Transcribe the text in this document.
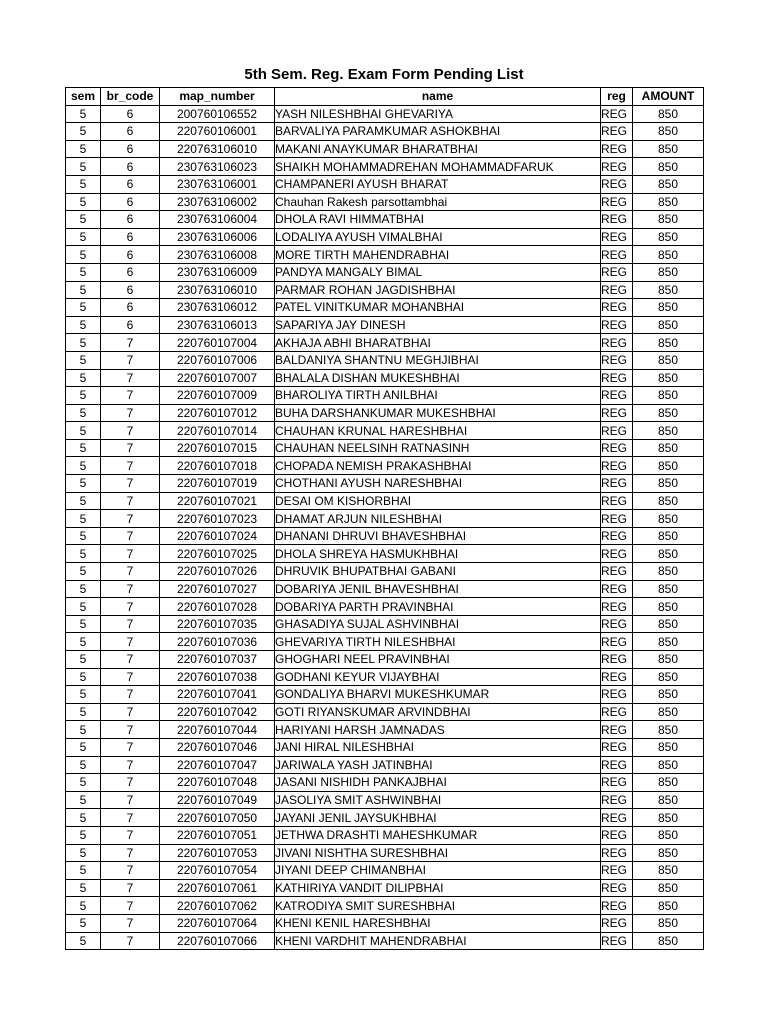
5th Sem. Reg. Exam Form Pending List
sem	br_code	map_number	name	reg	AMOUNT
5	6	200760106552	YASH NILESHBHAI GHEVARIYA	REG	850
5	6	220760106001	BARVALIYA PARAMKUMAR ASHOKBHAI	REG	850
5	6	220763106010	MAKANI ANAYKUMAR BHARATBHAI	REG	850
5	6	230763106023	SHAIKH MOHAMMADREHAN MOHAMMADFARUK	REG	850
5	6	230763106001	CHAMPANERI AYUSH BHARAT	REG	850
5	6	230763106002	Chauhan Rakesh parsottambhai	REG	850
5	6	230763106004	DHOLA RAVI HIMMATBHAI	REG	850
5	6	230763106006	LODALIYA AYUSH VIMALBHAI	REG	850
5	6	230763106008	MORE TIRTH MAHENDRABHAI	REG	850
5	6	230763106009	PANDYA MANGALY BIMAL	REG	850
5	6	230763106010	PARMAR ROHAN JAGDISHBHAI	REG	850
5	6	230763106012	PATEL VINITKUMAR MOHANBHAI	REG	850
5	6	230763106013	SAPARIYA JAY DINESH	REG	850
5	7	220760107004	AKHAJA ABHI BHARATBHAI	REG	850
5	7	220760107006	BALDANIYA SHANTNU MEGHJIBHAI	REG	850
5	7	220760107007	BHALALA DISHAN MUKESHBHAI	REG	850
5	7	220760107009	BHAROLIYA TIRTH ANILBHAI	REG	850
5	7	220760107012	BUHA DARSHANKUMAR MUKESHBHAI	REG	850
5	7	220760107014	CHAUHAN KRUNAL HARESHBHAI	REG	850
5	7	220760107015	CHAUHAN NEELSINH RATNASINH	REG	850
5	7	220760107018	CHOPADA NEMISH PRAKASHBHAI	REG	850
5	7	220760107019	CHOTHANI AYUSH NARESHBHAI	REG	850
5	7	220760107021	DESAI OM KISHORBHAI	REG	850
5	7	220760107023	DHAMAT ARJUN NILESHBHAI	REG	850
5	7	220760107024	DHANANI DHRUVI BHAVESHBHAI	REG	850
5	7	220760107025	DHOLA SHREYA HASMUKHBHAI	REG	850
5	7	220760107026	DHRUVIK BHUPATBHAI GABANI	REG	850
5	7	220760107027	DOBARIYA JENIL BHAVESHBHAI	REG	850
5	7	220760107028	DOBARIYA PARTH PRAVINBHAI	REG	850
5	7	220760107035	GHASADIYA SUJAL ASHVINBHAI	REG	850
5	7	220760107036	GHEVARIYA TIRTH NILESHBHAI	REG	850
5	7	220760107037	GHOGHARI NEEL PRAVINBHAI	REG	850
5	7	220760107038	GODHANI KEYUR VIJAYBHAI	REG	850
5	7	220760107041	GONDALIYA BHARVI MUKESHKUMAR	REG	850
5	7	220760107042	GOTI RIYANSKUMAR ARVINDBHAI	REG	850
5	7	220760107044	HARIYANI HARSH JAMNADAS	REG	850
5	7	220760107046	JANI HIRAL NILESHBHAI	REG	850
5	7	220760107047	JARIWALA YASH JATINBHAI	REG	850
5	7	220760107048	JASANI NISHIDH PANKAJBHAI	REG	850
5	7	220760107049	JASOLIYA SMIT ASHWINBHAI	REG	850
5	7	220760107050	JAYANI JENIL JAYSUKHBHAI	REG	850
5	7	220760107051	JETHWA DRASHTI MAHESHKUMAR	REG	850
5	7	220760107053	JIVANI NISHTHA SURESHBHAI	REG	850
5	7	220760107054	JIYANI DEEP CHIMANBHAI	REG	850
5	7	220760107061	KATHIRIYA VANDIT DILIPBHAI	REG	850
5	7	220760107062	KATRODIYA SMIT SURESHBHAI	REG	850
5	7	220760107064	KHENI KENIL HARESHBHAI	REG	850
5	7	220760107066	KHENI VARDHIT MAHENDRABHAI	REG	850
